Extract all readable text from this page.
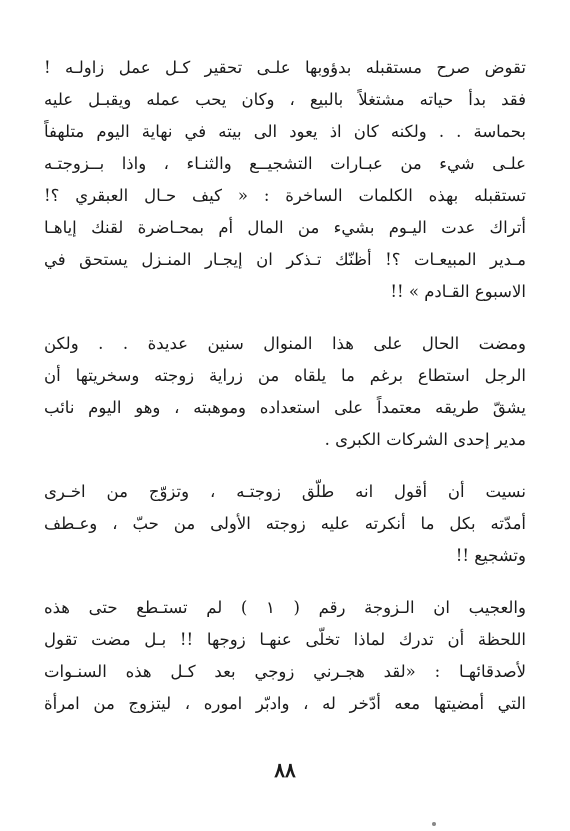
تقوض صرح مستقبله بدؤوبها علـى تحقير كـل عمل زاولـه !
فقد بدأ حياته مشتغلاً بالبيع ، وكان يحب عمله ويقبـل عليه
بحماسة . . ولكنه كان اذ يعود الى بيته في نهاية اليوم متلهفاً
علـى شيء من عبـارات التشجيــع والثنـاء ، واذا بــزوجتـه
تستقبله بهذه الكلمات الساخرة : « كيف حـال العبقري ؟!
أتراك عدت اليـوم بشيء من المال أم بمحـاضرة لقنك إياهـا
مـدير المبيعـات ؟! أظنّك تـذكر ان إيجـار المنـزل يستحق في
الاسبوع القـادم » !!

ومضت الحال على هذا المنوال سنين عديدة . . ولكن
الرجل استطاع برغم ما يلقاه من زراية زوجته وسخريتها أن
يشقّ طريقه معتمداً على استعداده وموهبته ، وهو اليوم نائب
مدير إحدى الشركات الكبرى .

نسيت أن أقول انه طلّق زوجتـه ، وتزوّج من اخـرى
أمدّته بكل ما أنكرته عليه زوجته الأولى من حبّ ، وعـطف
وتشجيع !!

والعجيب ان الـزوجة رقم ( ١ ) لم تستـطع حتى هذه
اللحظة أن تدرك لماذا تخلّى عنهـا زوجها !! بـل مضت تقول
لأصدقائهـا : «لقد هجـرني زوجي بعد كـل هذه السنـوات
التي أمضيتها معه أدّخر له ، وادبّر اموره ، ليتزوج من امرأة

٨٨
